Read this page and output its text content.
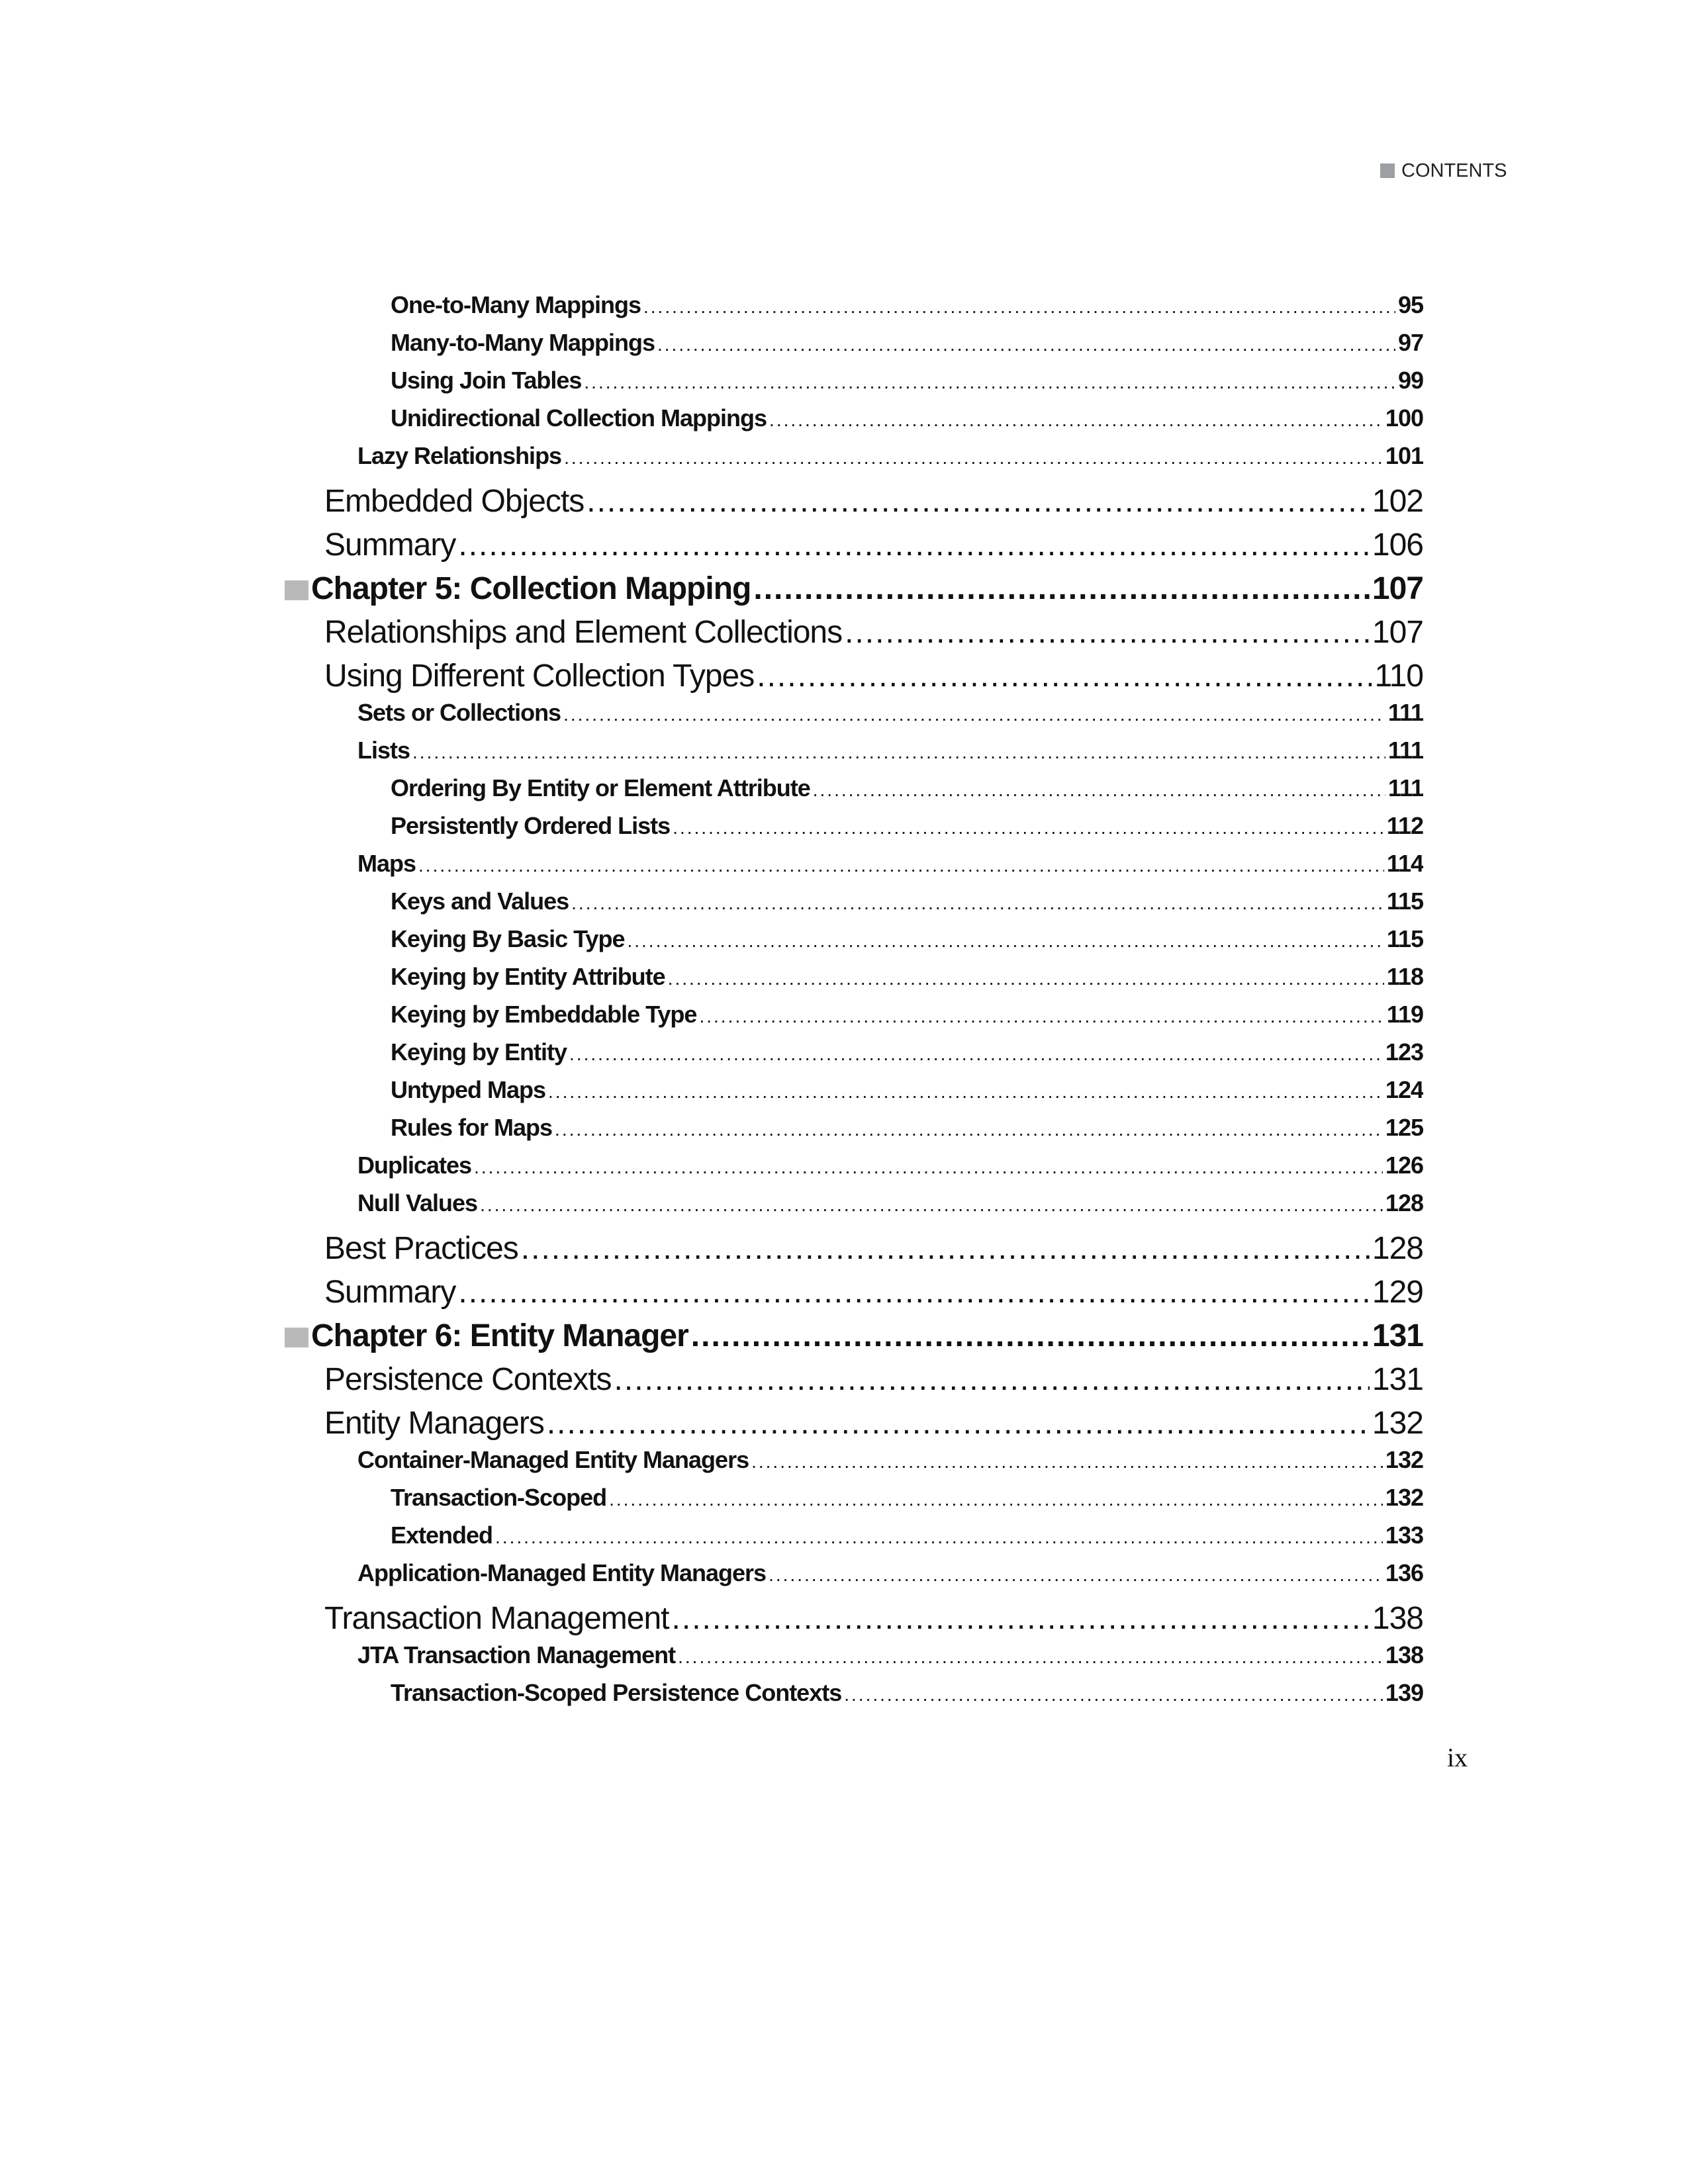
CONTENTS
One-to-Many Mappings .....	95
Many-to-Many Mappings .....	97
Using Join Tables .....	99
Unidirectional Collection Mappings .....	100
Lazy Relationships .....	101
Embedded Objects .....	102
Summary .....	106
Chapter 5: Collection Mapping .....	107
Relationships and Element Collections .....	107
Using Different Collection Types .....	110
Sets or Collections .....	111
Lists .....	111
Ordering By Entity or Element Attribute .....	111
Persistently Ordered Lists .....	112
Maps .....	114
Keys and Values .....	115
Keying By Basic Type .....	115
Keying by Entity Attribute .....	118
Keying by Embeddable Type .....	119
Keying by Entity .....	123
Untyped Maps .....	124
Rules for Maps .....	125
Duplicates .....	126
Null Values .....	128
Best Practices .....	128
Summary .....	129
Chapter 6: Entity Manager .....	131
Persistence Contexts .....	131
Entity Managers .....	132
Container-Managed Entity Managers .....	132
Transaction-Scoped .....	132
Extended .....	133
Application-Managed Entity Managers .....	136
Transaction Management .....	138
JTA Transaction Management .....	138
Transaction-Scoped Persistence Contexts .....	139
ix
